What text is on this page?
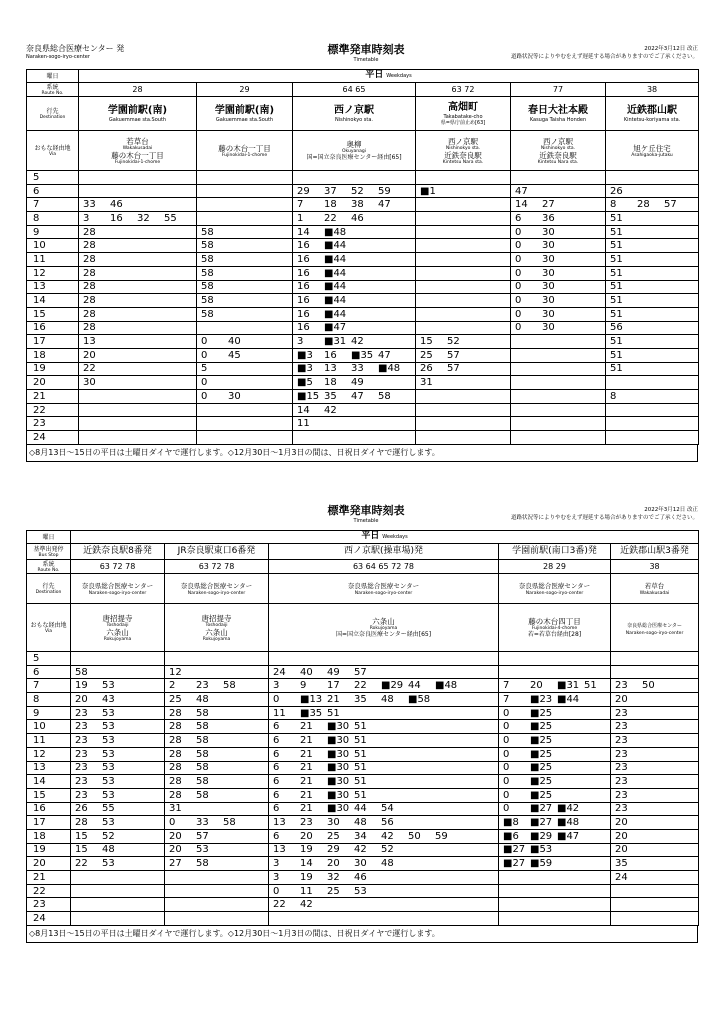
奈良県総合医療センター 発
Naraken-sogo-iryo-center
標準発車時刻表
Timetable
2022年3月12日 改正
道路状況等によりやむをえず遅延する場合がありますのでご了承ください。
曜日	平日 Weekdays					
系統
Route No.	28	29	64 65	63 72	77	38
行先
Destination	学園前駅(南)
Gakuemmae sta.South	学園前駅(南)
Gakuemmae sta.South	西ノ京駅
Nishinokyo sta.	高畑町
Takabatake-cho
県=県庁前止め[63]	春日大社本殿
Kasuga Taisha Honden	近鉄郡山駅
Kintetsu-koriyama sta.

おもな経由地
Via	若草台
Wakakusadai
藤の木台一丁目
Fujinokidai-1-chome	藤の木台一丁目
Fujinokidai-1-chome	奥柳
Okuyanagi
国=国立奈良医療センター経由[65]	西ノ京駅
Nishinokyo sta.
近鉄奈良駅
Kintetsu Nara sta.	西ノ京駅
Nishinokyo sta.
近鉄奈良駅
Kintetsu Nara sta.	旭ケ丘住宅
Asahigaoka-jutaku

5						
6			29 37 52 59	■1	47	26
7	33 46		7 18 38 47		14 27	8 28 57
8	3 16 32 55		1 22 46		6 36	51
9	28	58	14 ■48		0 30	51
10	28	58	16 ■44		0 30	51
11	28	58	16 ■44		0 30	51
12	28	58	16 ■44		0 30	51
13	28	58	16 ■44		0 30	51
14	28	58	16 ■44		0 30	51
15	28	58	16 ■44		0 30	51
16	28		16 ■47		0 30	56
17	13	0 40	3 ■31 42	15 52		51
18	20	0 45	■3 16 ■35 47	25 57		51
19	22	5	■3 13 33 ■48	26 57		51
20	30	0	■5 18 49	31		
21		0 30	■15 35 47 58			8
22			14 42			
23			11			
24						
◇8月13日～15日の平日は土曜日ダイヤで運行します。◇12月30日～1月3日の間は、日祝日ダイヤで運行します。
標準発車時刻表
Timetable
2022年3月12日 改正
道路状況等によりやむをえず遅延する場合がありますのでご了承ください。
曜日	平日 Weekdays				
基準出発停
Bus Stop	近鉄奈良駅8番発	JR奈良駅東口6番発	西ノ京駅(操車場)発	学園前駅(南口3番)発	近鉄郡山駅3番発
系統
Route No.	63 72 78	63 72 78	63 64 65 72 78	28 29	38
行先
Destination	奈良県総合医療センター
Naraken-sogo-iryo-center	奈良県総合医療センター
Naraken-sogo-iryo-center	奈良県総合医療センター
Naraken-sogo-iryo-center	奈良県総合医療センター
Naraken-sogo-iryo-center	若草台
Wakakusadai

おもな経由地
Via	唐招提寺
Toshodaiji
六条山
Rokujoyama	唐招提寺
Toshodaiji
六条山
Rokujoyama	六条山
Rokujoyama
国=国立奈良医療センター経由[65]	藤の木台四丁目
Fujinokidai-4-chome
若=若草台経由[28]	奈良県総合医療センター
Naraken-sogo-iryo-center

5					
6	58	12	24 40 49 57		
7	19 53	2 23 58	3 9 17 22 ■29 44 ■48	7 20 ■31 51	23 50
8	20 43	25 48	0 ■13 21 35 48 ■58	7 ■23 ■44	20
9	23 53	28 58	11 ■35 51	0 ■25	23
10	23 53	28 58	6 21 ■30 51	0 ■25	23
11	23 53	28 58	6 21 ■30 51	0 ■25	23
12	23 53	28 58	6 21 ■30 51	0 ■25	23
13	23 53	28 58	6 21 ■30 51	0 ■25	23
14	23 53	28 58	6 21 ■30 51	0 ■25	23
15	23 53	28 58	6 21 ■30 51	0 ■25	23
16	26 55	31	6 21 ■30 44 54	0 ■27 ■42	23
17	28 53	0 33 58	13 23 30 48 56	■8 ■27 ■48	20
18	15 52	20 57	6 20 25 34 42 50 59	■6 ■29 ■47	20
19	15 48	20 53	13 19 29 42 52	■27 ■53	20
20	22 53	27 58	3 14 20 30 48	■27 ■59	35
21			3 19 32 46		24
22			0 11 25 53		
23			22 42		
24					
◇8月13日～15日の平日は土曜日ダイヤで運行します。◇12月30日～1月3日の間は、日祝日ダイヤで運行します。
